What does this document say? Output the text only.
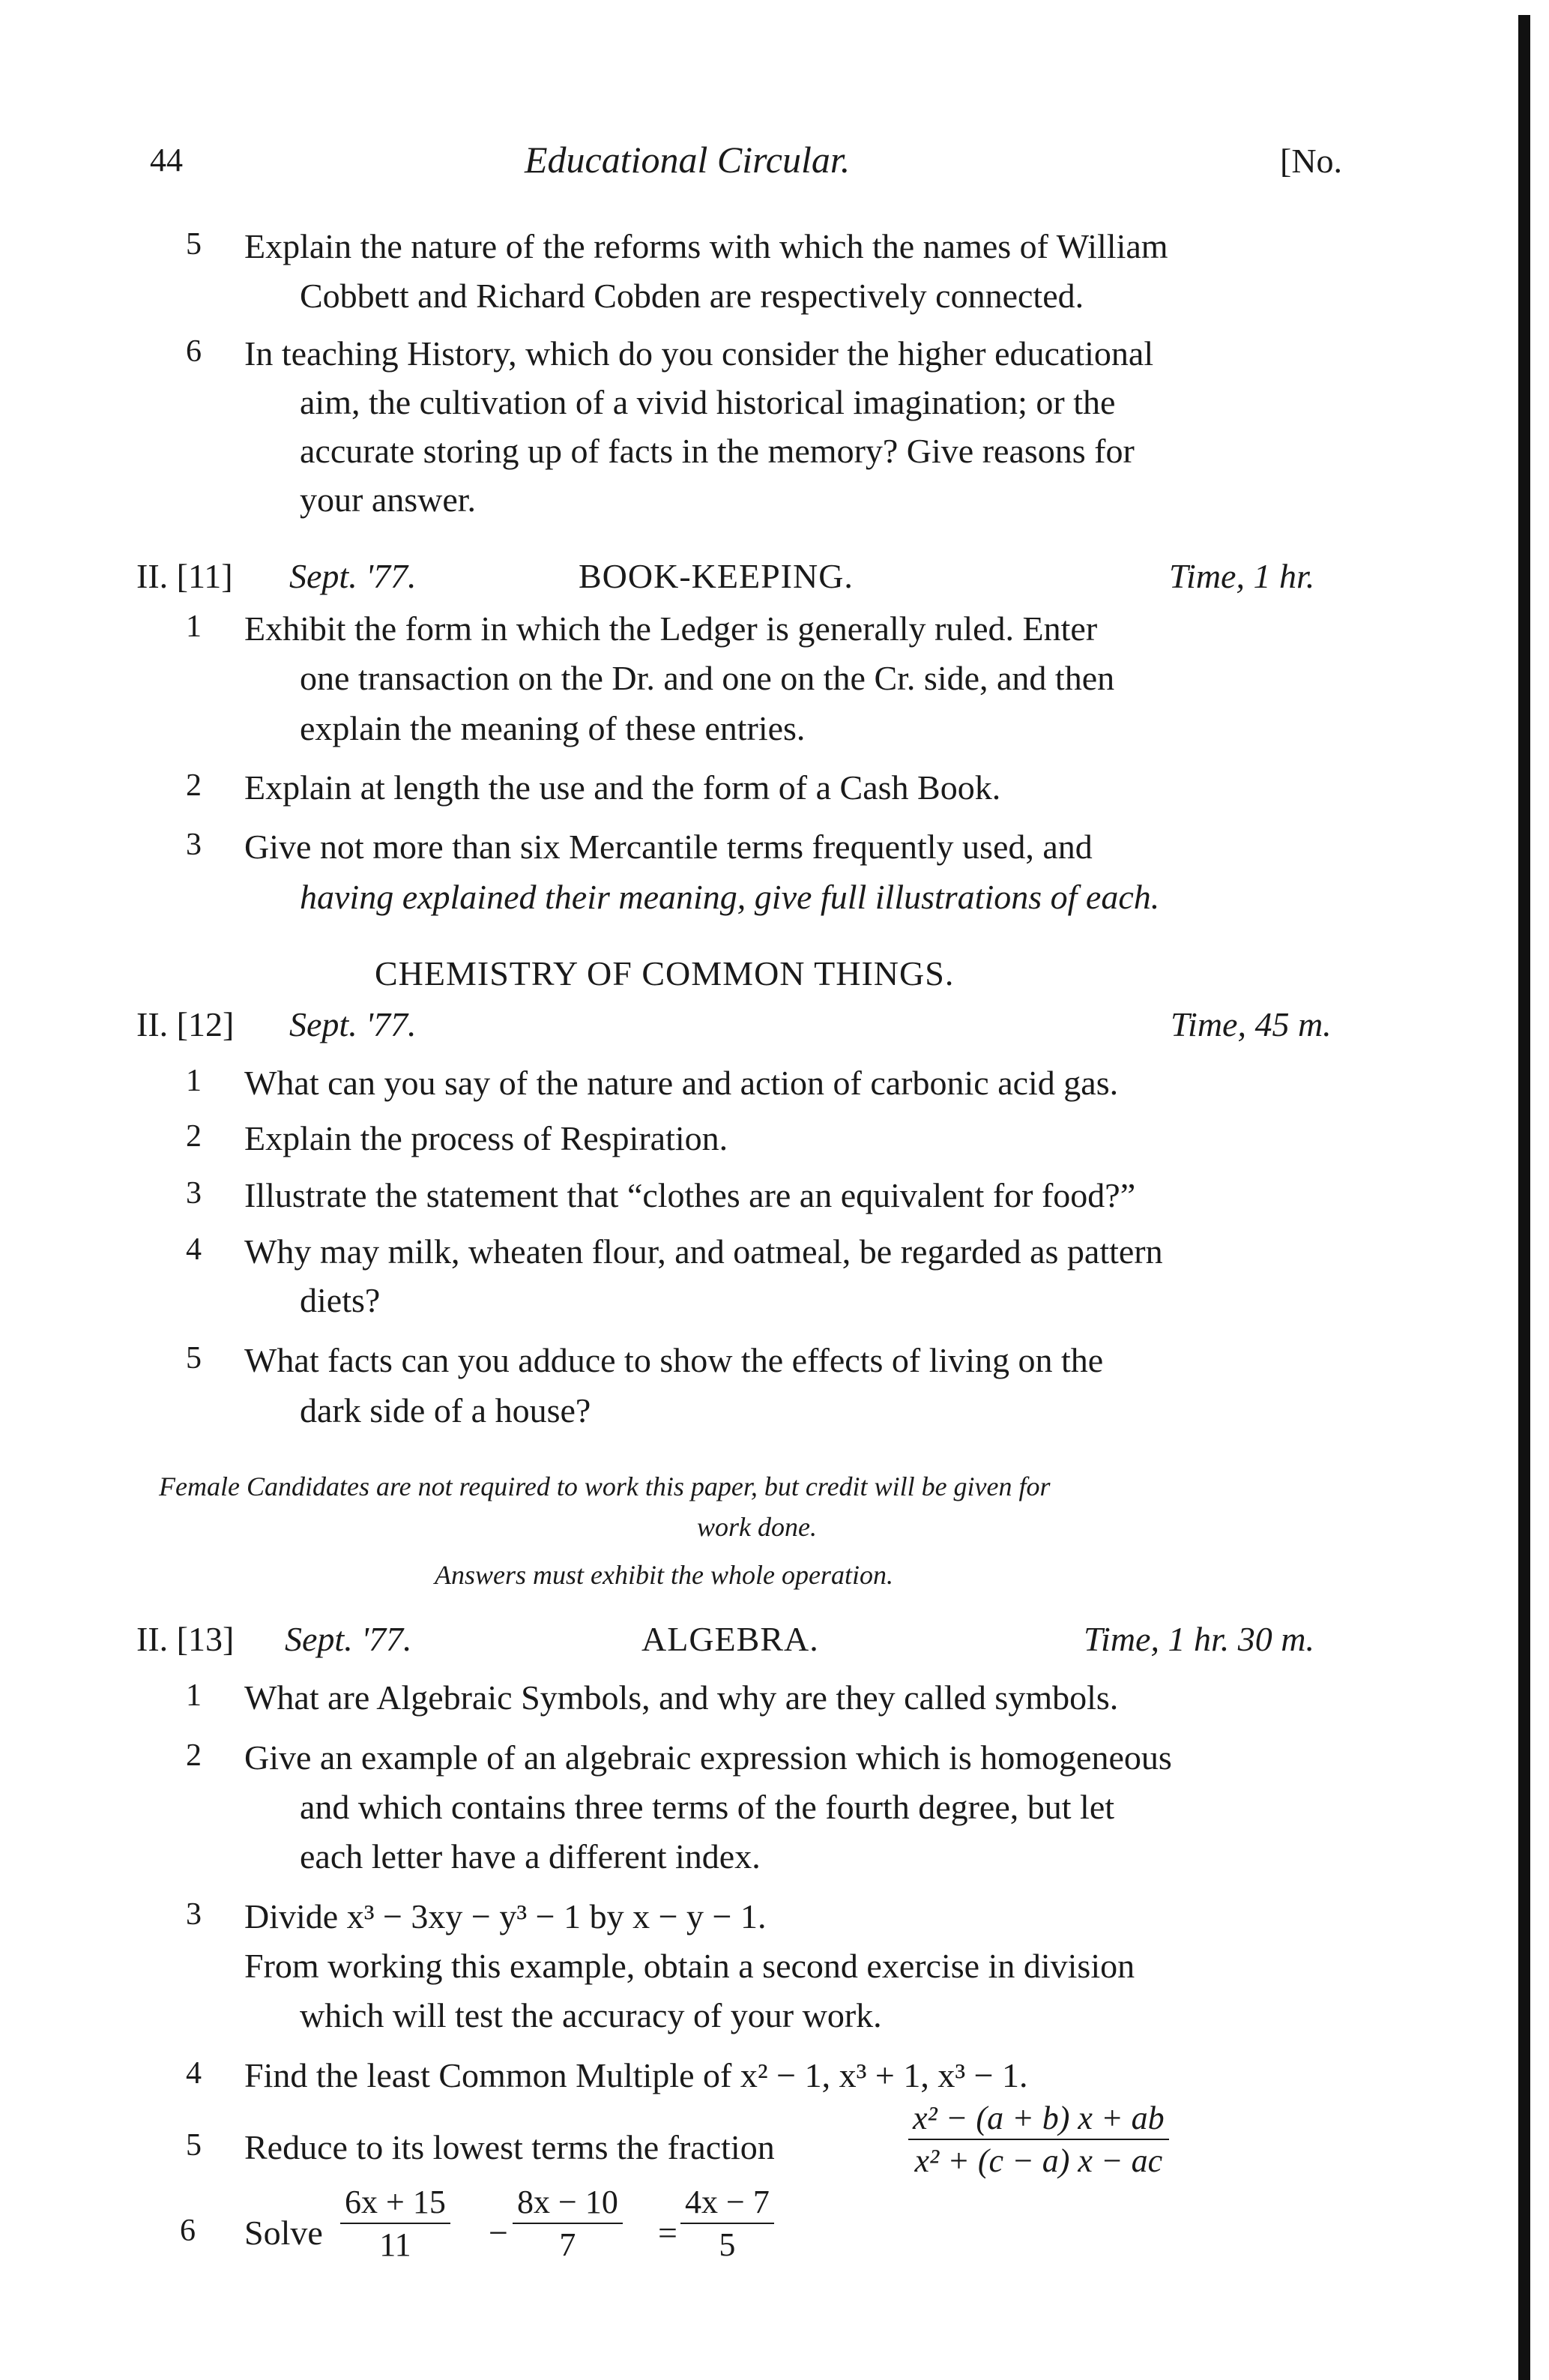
44	Educational Circular.	[No.
5 Explain the nature of the reforms with which the names of William
Cobbett and Richard Cobden are respectively connected.
6 In teaching History, which do you consider the higher educational
aim, the cultivation of a vivid historical imagination; or the
accurate storing up of facts in the memory? Give reasons for
your answer.
II. [11] Sept. '77.	BOOK-KEEPING.	Time, 1 hr.
1 Exhibit the form in which the Ledger is generally ruled. Enter
one transaction on the Dr. and one on the Cr. side, and then
explain the meaning of these entries.
2 Explain at length the use and the form of a Cash Book.
3 Give not more than six Mercantile terms frequently used, and
having explained their meaning, give full illustrations of each.
CHEMISTRY OF COMMON THINGS.
II. [12] Sept. '77.	Time, 45 m.
1 What can you say of the nature and action of carbonic acid gas.
2 Explain the process of Respiration.
3 Illustrate the statement that “clothes are an equivalent for food?”
4 Why may milk, wheaten flour, and oatmeal, be regarded as pattern
diets?
5 What facts can you adduce to show the effects of living on the
dark side of a house?
Female Candidates are not required to work this paper, but credit will be given for
work done.
Answers must exhibit the whole operation.
II. [13] Sept. '77.	ALGEBRA.	Time, 1 hr. 30 m.
1 What are Algebraic Symbols, and why are they called symbols.
2 Give an example of an algebraic expression which is homogeneous
and which contains three terms of the fourth degree, but let
each letter have a different index.
3 Divide x³ − 3xy − y³ − 1 by x − y − 1.
From working this example, obtain a second exercise in division
which will test the accuracy of your work.
4 Find the least Common Multiple of x² − 1, x³ + 1, x³ − 1.
5 Reduce to its lowest terms the fraction	$\frac{\text{x² − (a + b) x + ab}}{\text{x² + (c − a) x − ac}}$
6 Solve $\frac{6x + 15}{11} - \frac{8x - 10}{7} = \frac{4x - 7}{5}$
